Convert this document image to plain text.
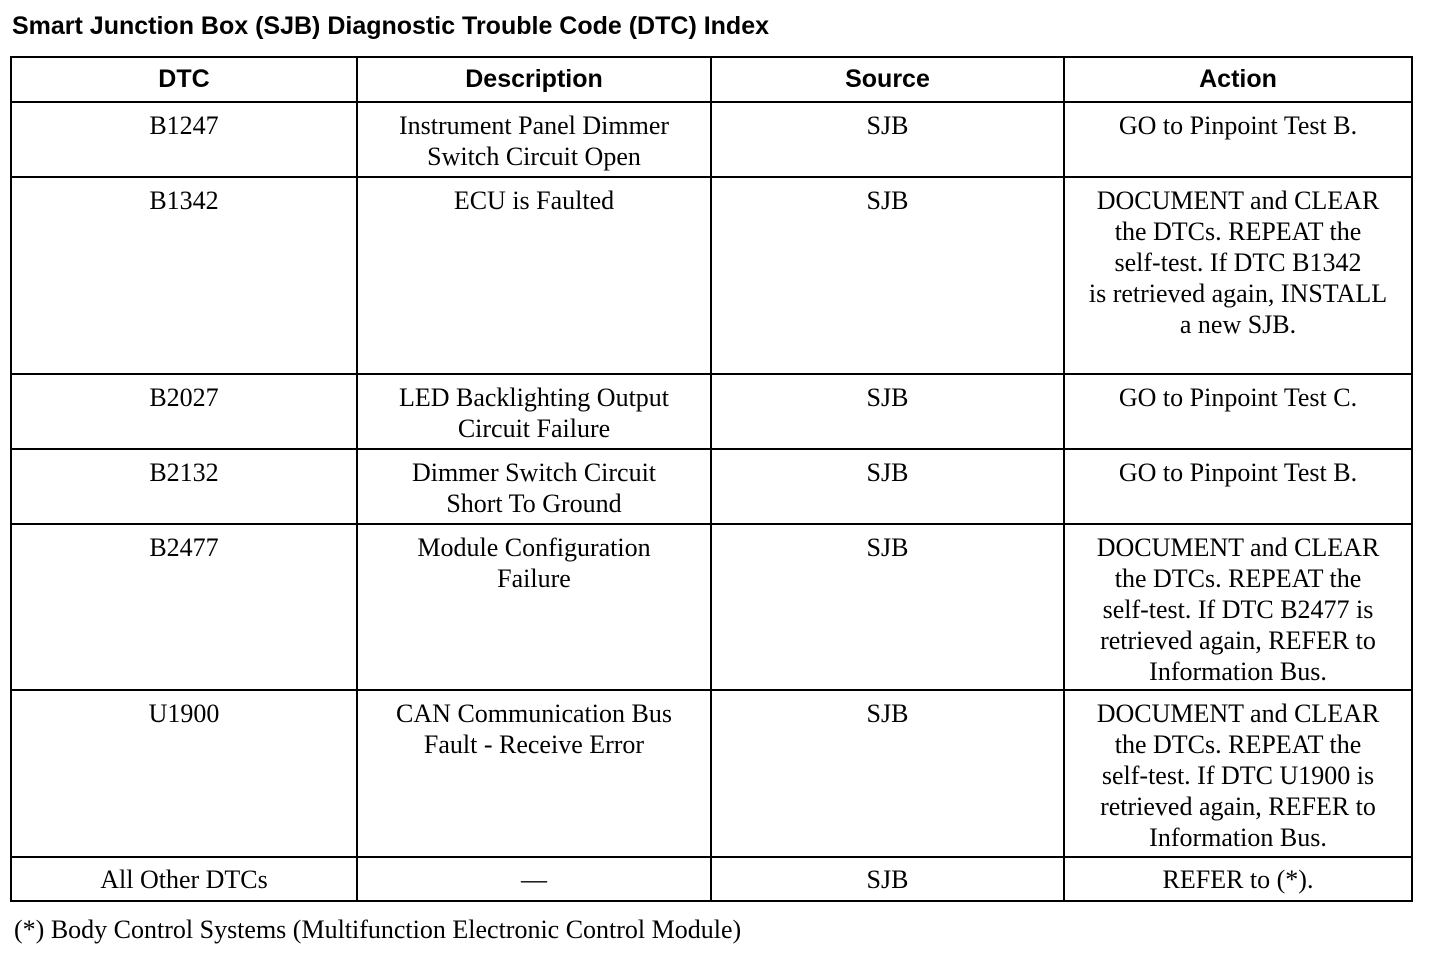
Smart Junction Box (SJB) Diagnostic Trouble Code (DTC) Index
DTC	Description	Source	Action
B1247	Instrument Panel Dimmer
Switch Circuit Open	SJB	GO to Pinpoint Test B.

B1342	ECU is Faulted	SJB	DOCUMENT and CLEAR
the DTCs. REPEAT the
self-test. If DTC B1342
is retrieved again, INSTALL
a new SJB.

B2027	LED Backlighting Output
Circuit Failure	SJB	GO to Pinpoint Test C.

B2132	Dimmer Switch Circuit
Short To Ground	SJB	GO to Pinpoint Test B.

B2477	Module Configuration
Failure	SJB	DOCUMENT and CLEAR
the DTCs. REPEAT the
self-test. If DTC B2477 is
retrieved again, REFER to
Information Bus.

U1900	CAN Communication Bus
Fault - Receive Error	SJB	DOCUMENT and CLEAR
the DTCs. REPEAT the
self-test. If DTC U1900 is
retrieved again, REFER to
Information Bus.

All Other DTCs	—	SJB	REFER to (*).
(*) Body Control Systems (Multifunction Electronic Control Module)
